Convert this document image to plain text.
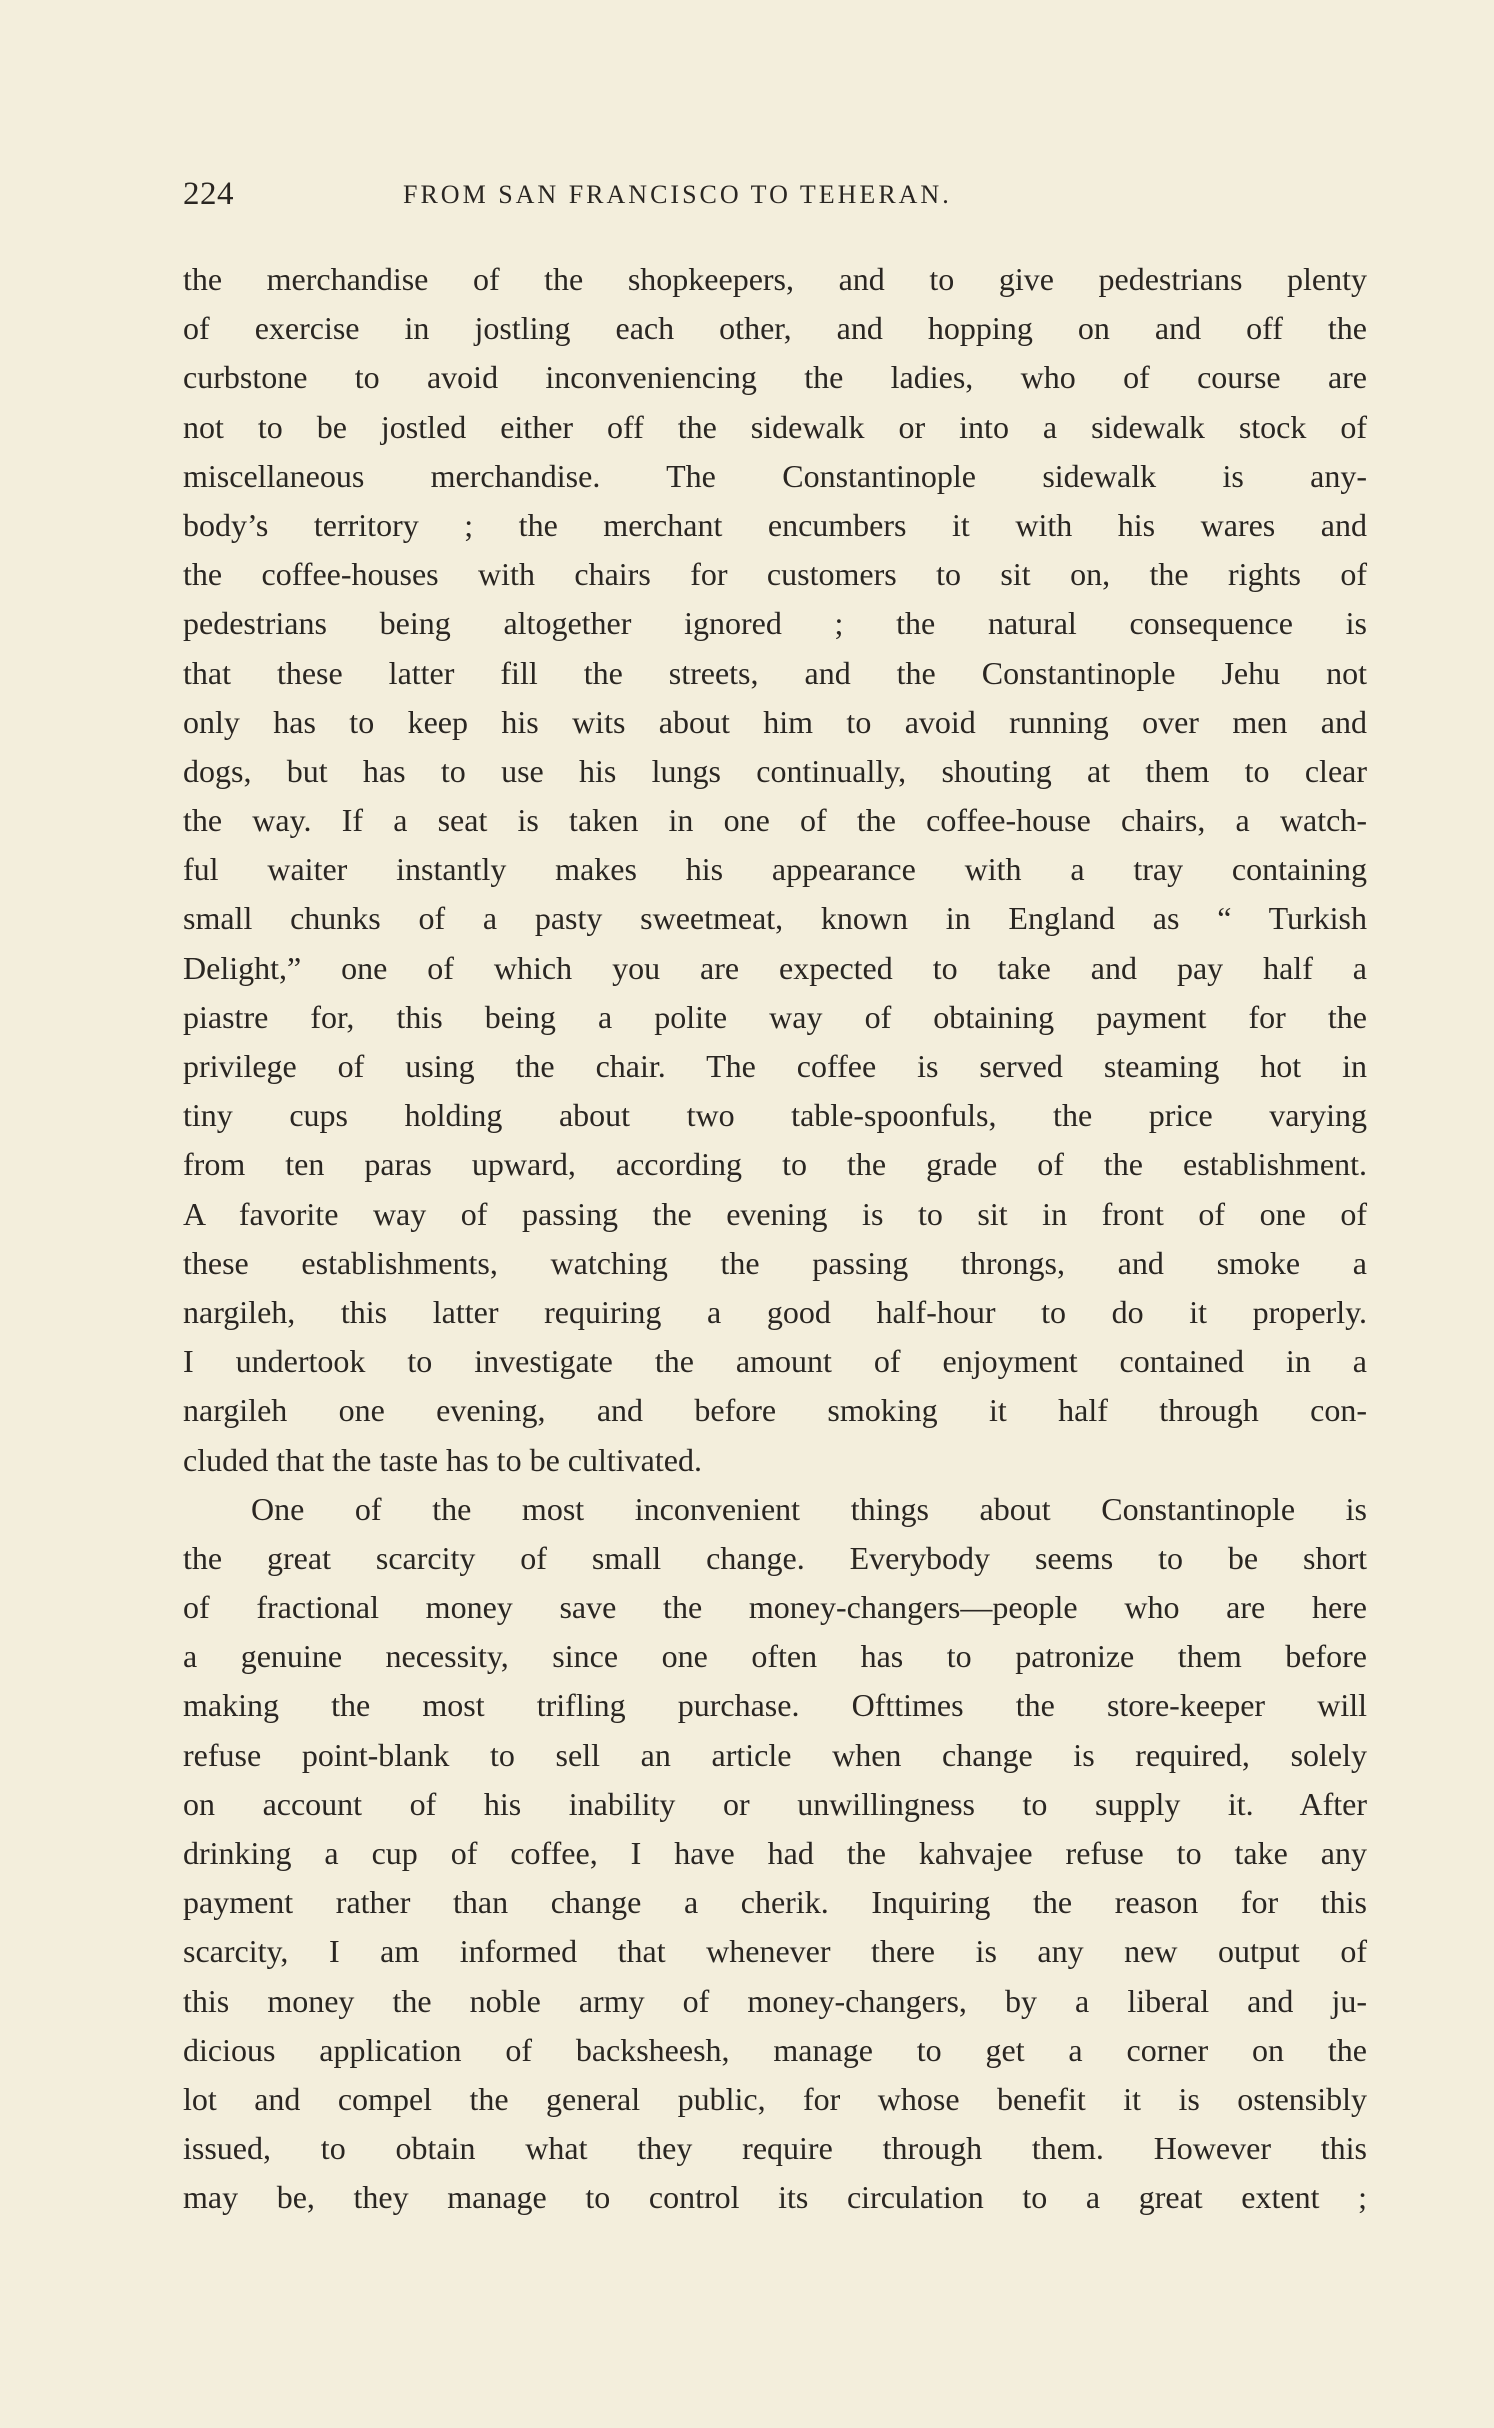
224	FROM SAN FRANCISCO TO TEHERAN.
the merchandise of the shopkeepers, and to give pedestrians plenty
of exercise in jostling each other, and hopping on and off the
curbstone to avoid inconveniencing the ladies, who of course are
not to be jostled either off the sidewalk or into a sidewalk stock of
miscellaneous merchandise. The Constantinople sidewalk is any-
body’s territory ; the merchant encumbers it with his wares and
the coffee-houses with chairs for customers to sit on, the rights of
pedestrians being altogether ignored ; the natural consequence is
that these latter fill the streets, and the Constantinople Jehu not
only has to keep his wits about him to avoid running over men and
dogs, but has to use his lungs continually, shouting at them to clear
the way. If a seat is taken in one of the coffee-house chairs, a watch-
ful waiter instantly makes his appearance with a tray containing
small chunks of a pasty sweetmeat, known in England as “ Turkish
Delight,” one of which you are expected to take and pay half a
piastre for, this being a polite way of obtaining payment for the
privilege of using the chair. The coffee is served steaming hot in
tiny cups holding about two table-spoonfuls, the price varying
from ten paras upward, according to the grade of the establishment.
A favorite way of passing the evening is to sit in front of one of
these establishments, watching the passing throngs, and smoke a
nargileh, this latter requiring a good half-hour to do it properly.
I undertook to investigate the amount of enjoyment contained in a
nargileh one evening, and before smoking it half through con-
cluded that the taste has to be cultivated.
One of the most inconvenient things about Constantinople is
the great scarcity of small change. Everybody seems to be short
of fractional money save the money-changers—people who are here
a genuine necessity, since one often has to patronize them before
making the most trifling purchase. Ofttimes the store-keeper will
refuse point-blank to sell an article when change is required, solely
on account of his inability or unwillingness to supply it. After
drinking a cup of coffee, I have had the kahvajee refuse to take any
payment rather than change a cherik. Inquiring the reason for this
scarcity, I am informed that whenever there is any new output of
this money the noble army of money-changers, by a liberal and ju-
dicious application of backsheesh, manage to get a corner on the
lot and compel the general public, for whose benefit it is ostensibly
issued, to obtain what they require through them. However this
may be, they manage to control its circulation to a great extent ;
